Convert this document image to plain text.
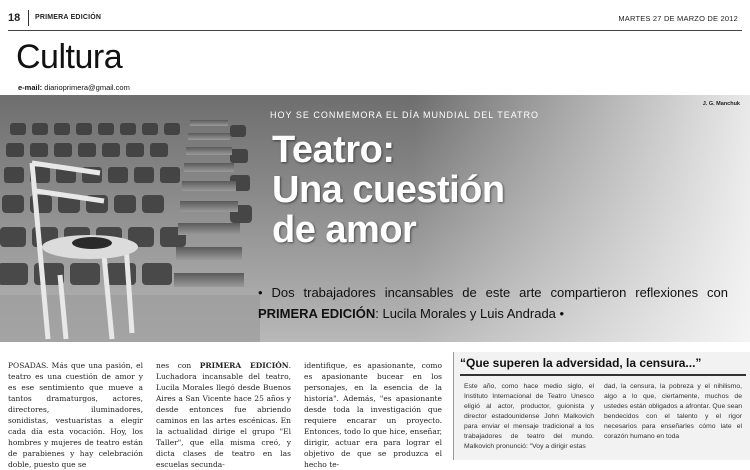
18 PRIMERA EDICIÓN	MARTES 27 DE MARZO DE 2012
Cultura
e-mail: diarioprimera@gmail.com
J. G. Manchuk
HOY SE CONMEMORA EL DÍA MUNDIAL DEL TEATRO
Teatro:
Una cuestión
de amor
• Dos trabajadores incansables de este arte compartieron reflexiones con PRIMERA EDICIÓN: Lucila Morales y Luis Andrada •
POSADAS. Más que una pasión, el teatro es una cuestión de amor y es ese sentimiento que mueve a tantos dramaturgos, actores, directores, iluminadores, sonidistas, vestuaristas a elegir cada día esta vocación. Hoy, los hombres y mujeres de teatro están de parabienes y hay celebración doble, puesto que se
nes con PRIMERA EDICIÓN. Luchadora incansable del teatro, Lucila Morales llegó desde Buenos Aires a San Vicente hace 25 años y desde entonces fue abriendo caminos en las artes escénicas. En la actualidad dirige el grupo "El Taller", que ella misma creó, y dicta clases de teatro en las escuelas secunda-
identifique, es apasionante, como es apasionante bucear en los personajes, en la esencia de la historia". Además, "es apasionante desde toda la investigación que requiere encarar un proyecto. Entonces, todo lo que hice, enseñar, dirigir, actuar era para lograr el objetivo de que se produzca el hecho te-
“Que superen la adversidad, la censura...”
Este año, como hace medio siglo, el Instituto Internacional de Teatro Unesco eligió al actor, productor, guionista y director estadounidense John Malkovich para enviar el mensaje tradicional a los trabajadores de teatro del mundo. Malkovich pronunció: "Voy a dirigir estas
dad, la censura, la pobreza y el nihilismo, algo a lo que, ciertamente, muchos de ustedes están obligados a afrontar. Que sean bendecidos con el talento y el rigor necesarios para enseñarles cómo late el corazón humano en toda
